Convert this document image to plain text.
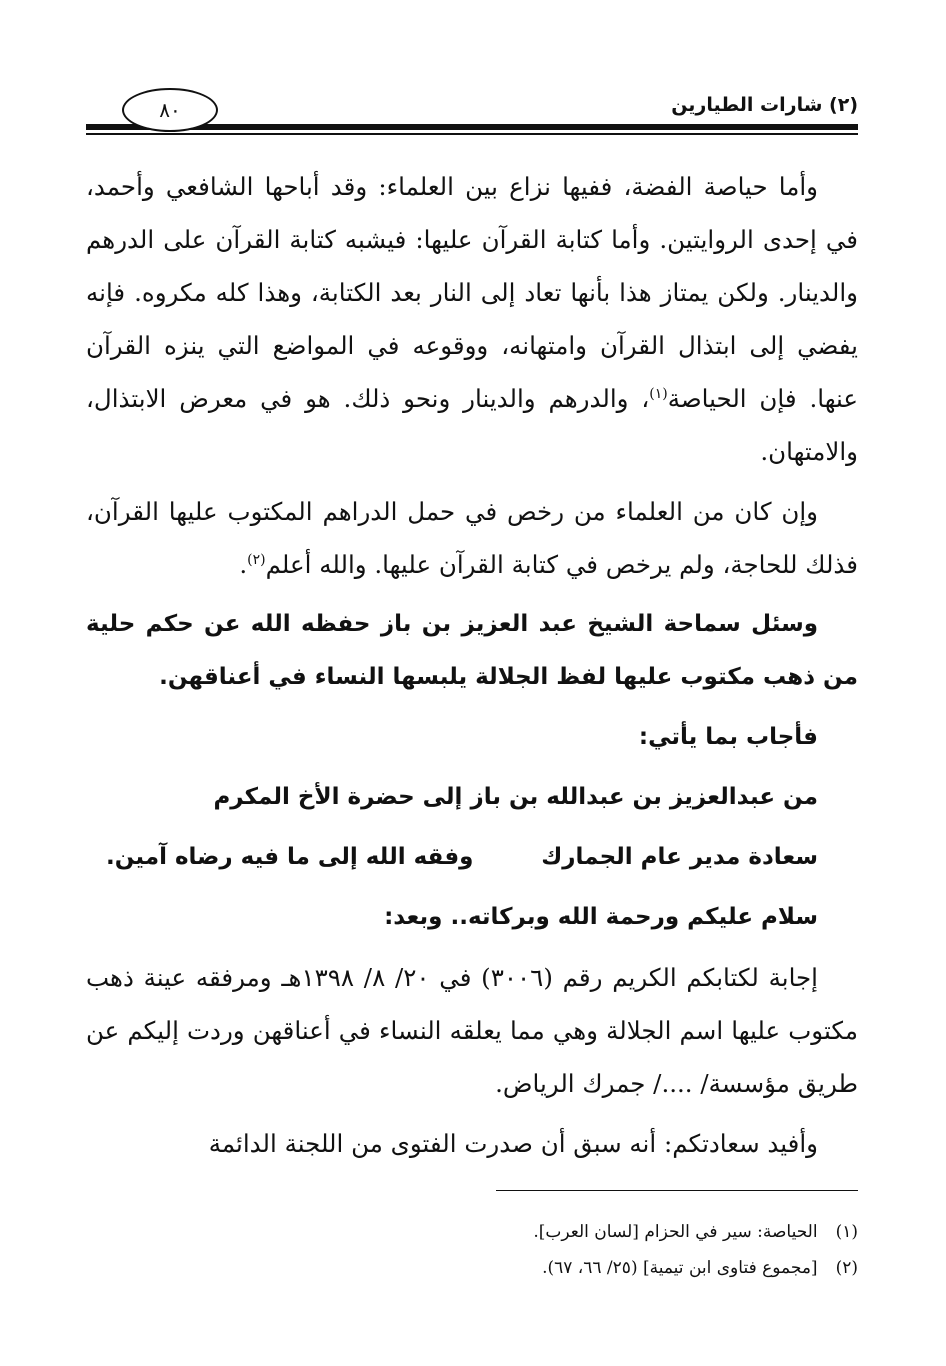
٨٠	(٢) شارات الطيارين

وأما حياصة الفضة، ففيها نزاع بين العلماء: وقد أباحها الشافعي وأحمد، في إحدى الروايتين. وأما كتابة القرآن عليها: فيشبه كتابة القرآن على الدرهم والدينار. ولكن يمتاز هذا بأنها تعاد إلى النار بعد الكتابة، وهذا كله مكروه. فإنه يفضي إلى ابتذال القرآن وامتهانه، ووقوعه في المواضع التي ينزه القرآن عنها. فإن الحياصة$^{(١)}$، والدرهم والدينار ونحو ذلك. هو في معرض الابتذال، والامتهان.

وإن كان من العلماء من رخص في حمل الدراهم المكتوب عليها القرآن، فذلك للحاجة، ولم يرخص في كتابة القرآن عليها. والله أعلم$^{(٢)}$.

وسئل سماحة الشيخ عبد العزيز بن باز حفظه الله عن حكم حلية من ذهب مكتوب عليها لفظ الجلالة يلبسها النساء في أعناقهن.

فأجاب بما يأتي:

من عبدالعزيز بن عبدالله بن باز إلى حضرة الأخ المكرم

سعادة مدير عام الجمارك
وفقه الله إلى ما فيه رضاه آمين.

سلام عليكم ورحمة الله وبركاته.. وبعد:

إجابة لكتابكم الكريم رقم (٣٠٠٦) في ٢٠/ ٨/ ١٣٩٨هـ ومرفقه عينة ذهب مكتوب عليها اسم الجلالة وهي مما يعلقه النساء في أعناقهن وردت إليكم عن طريق مؤسسة/ ..../ جمرك الرياض.

وأفيد سعادتكم: أنه سبق أن صدرت الفتوى من اللجنة الدائمة

(١)
الحياصة: سير في الحزام [لسان العرب].
(٢)
[مجموع فتاوى ابن تيمية] (٢٥/ ٦٦، ٦٧).
